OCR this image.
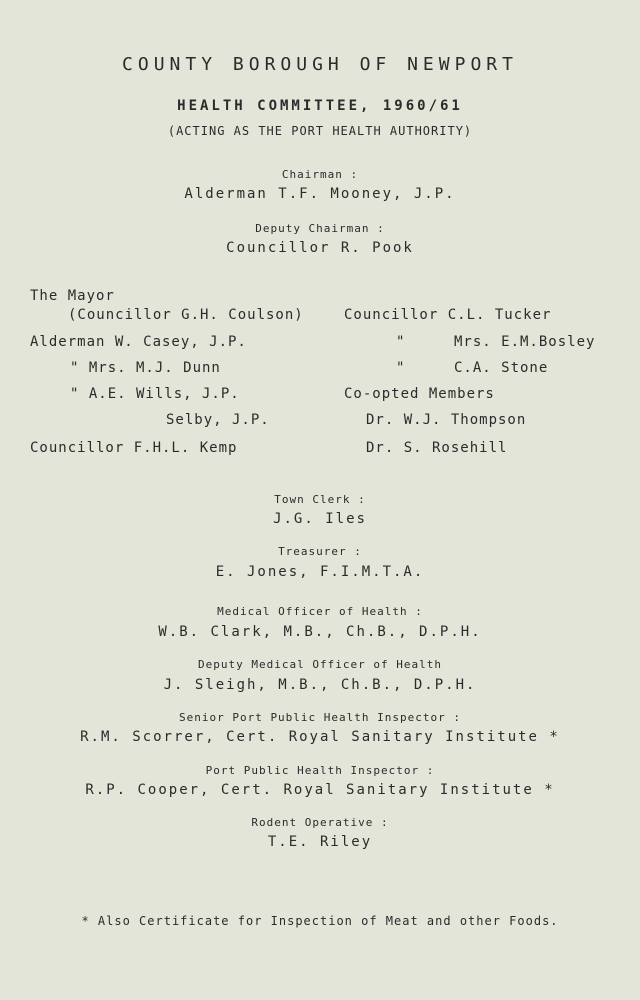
COUNTY BOROUGH OF NEWPORT
HEALTH COMMITTEE, 1960/61
(ACTING AS THE PORT HEALTH AUTHORITY)
Chairman :
Alderman T.F. Mooney, J.P.
Deputy Chairman :
Councillor R. Pook
The Mayor
(Councillor G.H. Coulson)
Alderman W. Casey, J.P.
" Mrs. M.J. Dunn
" A.E. Wills, J.P.
Selby, J.P.
Councillor F.H.L. Kemp
Councillor C.L. Tucker
"	Mrs. E.M.Bosley
"	C.A. Stone
Co-opted Members
Dr. W.J. Thompson
Dr. S. Rosehill
Town Clerk :
J.G. Iles
Treasurer :
E. Jones, F.I.M.T.A.
Medical Officer of Health :
W.B. Clark, M.B., Ch.B., D.P.H.
Deputy Medical Officer of Health
J. Sleigh, M.B., Ch.B., D.P.H.
Senior Port Public Health Inspector :
R.M. Scorrer, Cert. Royal Sanitary Institute *
Port Public Health Inspector :
R.P. Cooper, Cert. Royal Sanitary Institute *
Rodent Operative :
T.E. Riley
* Also Certificate for Inspection of Meat and other Foods.
